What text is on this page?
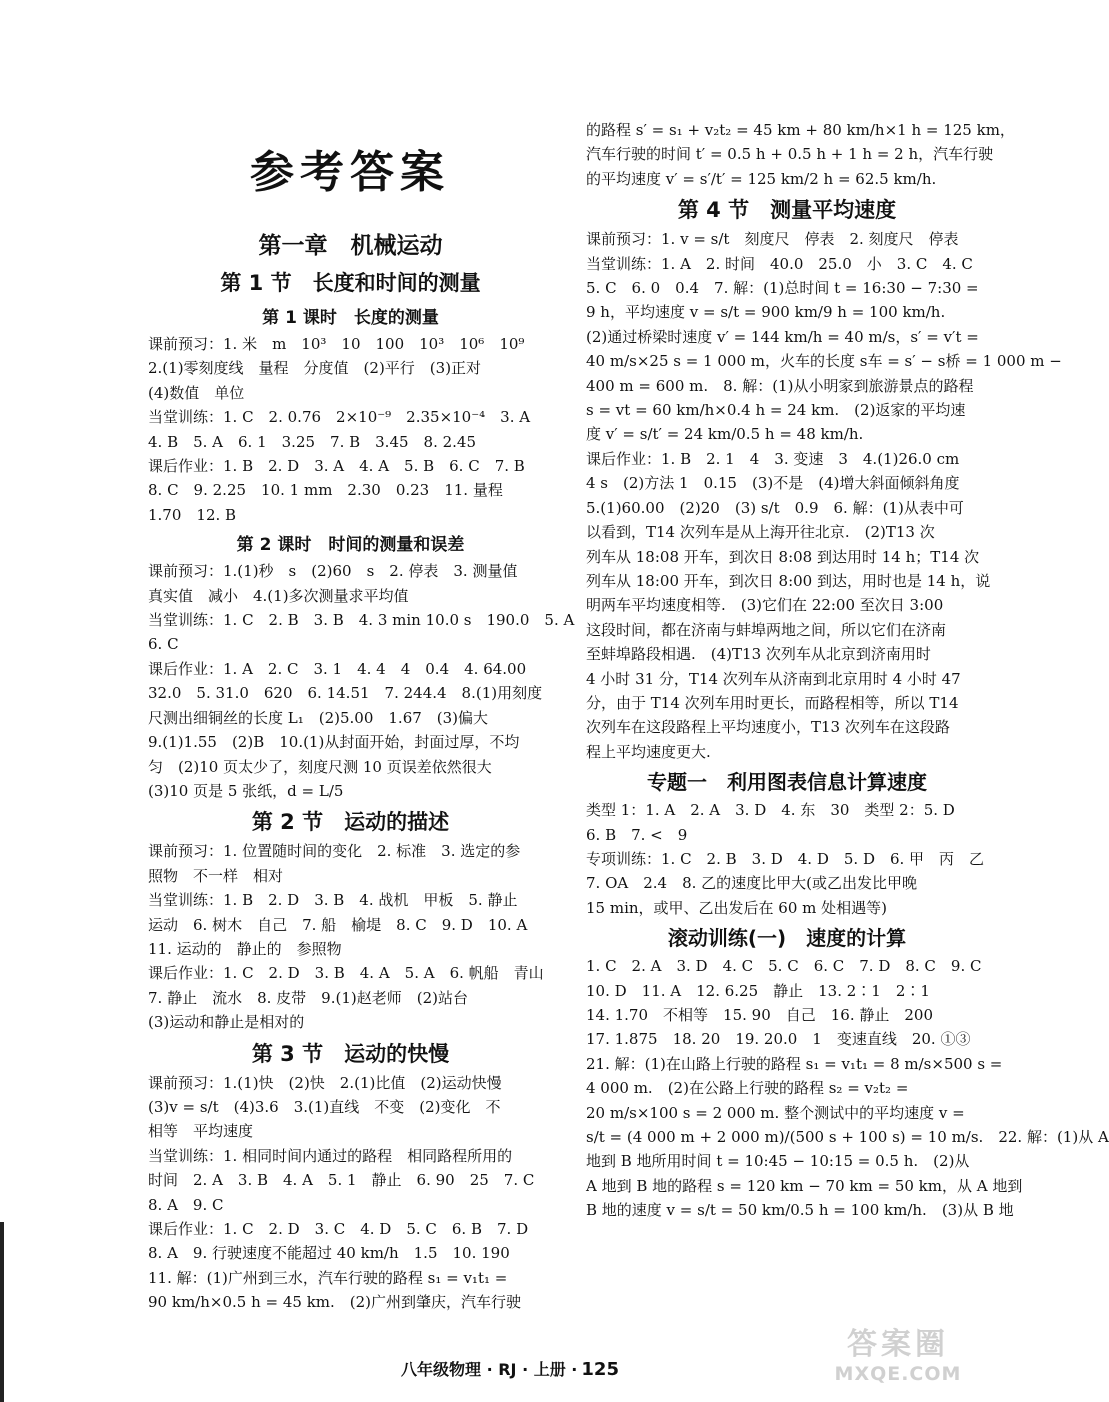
参考答案
第一章　机械运动
第 1 节　长度和时间的测量
第 1 课时　长度的测量
课前预习：1. 米　m　10³　10　100　10³　10⁶　10⁹
2.(1)零刻度线　量程　分度值　(2)平行　(3)正对
(4)数值　单位
当堂训练：1. C　2. 0.76　2×10⁻⁹　2.35×10⁻⁴　3. A
4. B　5. A　6. 1　3.25　7. B　3.45　8. 2.45
课后作业：1. B　2. D　3. A　4. A　5. B　6. C　7. B
8. C　9. 2.25　10. 1 mm　2.30　0.23　11. 量程
1.70　12. B
第 2 课时　时间的测量和误差
课前预习：1.(1)秒　s　(2)60　s　2. 停表　3. 测量值
真实值　减小　4.(1)多次测量求平均值
当堂训练：1. C　2. B　3. B　4. 3 min 10.0 s　190.0　5. A
6. C
课后作业：1. A　2. C　3. 1　4. 4　4　0.4　4. 64.00
32.0　5. 31.0　620　6. 14.51　7. 244.4　8.(1)用刻度
尺测出细铜丝的长度 L₁　(2)5.00　1.67　(3)偏大
9.(1)1.55　(2)B　10.(1)从封面开始，封面过厚，不均
匀　(2)10 页太少了，刻度尺测 10 页误差依然很大
(3)10 页是 5 张纸，d = L/5
第 2 节　运动的描述
课前预习：1. 位置随时间的变化　2. 标准　3. 选定的参
照物　不一样　相对
当堂训练：1. B　2. D　3. B　4. 战机　甲板　5. 静止
运动　6. 树木　自己　7. 船　榆堤　8. C　9. D　10. A
11. 运动的　静止的　参照物
课后作业：1. C　2. D　3. B　4. A　5. A　6. 帆船　青山
7. 静止　流水　8. 皮带　9.(1)赵老师　(2)站台
(3)运动和静止是相对的
第 3 节　运动的快慢
课前预习：1.(1)快　(2)快　2.(1)比值　(2)运动快慢
(3)v = s/t　(4)3.6　3.(1)直线　不变　(2)变化　不
相等　平均速度
当堂训练：1. 相同时间内通过的路程　相同路程所用的
时间　2. A　3. B　4. A　5. 1　静止　6. 90　25　7. C
8. A　9. C
课后作业：1. C　2. D　3. C　4. D　5. C　6. B　7. D
8. A　9. 行驶速度不能超过 40 km/h　1.5　10. 190
11. 解：(1)广州到三水，汽车行驶的路程 s₁ = v₁t₁ =
90 km/h×0.5 h = 45 km.　(2)广州到肇庆，汽车行驶
的路程 s′ = s₁ + v₂t₂ = 45 km + 80 km/h×1 h = 125 km，
汽车行驶的时间 t′ = 0.5 h + 0.5 h + 1 h = 2 h，汽车行驶
的平均速度 v′ = s′/t′ = 125 km/2 h = 62.5 km/h.
第 4 节　测量平均速度
课前预习：1. v = s/t　刻度尺　停表　2. 刻度尺　停表
当堂训练：1. A　2. 时间　40.0　25.0　小　3. C　4. C
5. C　6. 0　0.4　7. 解：(1)总时间 t = 16:30 − 7:30 =
9 h，平均速度 v = s/t = 900 km/9 h = 100 km/h.
(2)通过桥梁时速度 v′ = 144 km/h = 40 m/s，s′ = v′t =
40 m/s×25 s = 1 000 m，火车的长度 s车 = s′ − s桥 = 1 000 m −
400 m = 600 m.　8. 解：(1)从小明家到旅游景点的路程
s = vt = 60 km/h×0.4 h = 24 km.　(2)返家的平均速
度 v′ = s/t′ = 24 km/0.5 h = 48 km/h.
课后作业：1. B　2. 1　4　3. 变速　3　4.(1)26.0 cm
4 s　(2)方法 1　0.15　(3)不是　(4)增大斜面倾斜角度
5.(1)60.00　(2)20　(3) s/t　0.9　6. 解：(1)从表中可
以看到，T14 次列车是从上海开往北京.　(2)T13 次
列车从 18:08 开车，到次日 8:08 到达用时 14 h；T14 次
列车从 18:00 开车，到次日 8:00 到达，用时也是 14 h，说
明两车平均速度相等.　(3)它们在 22:00 至次日 3:00
这段时间，都在济南与蚌埠两地之间，所以它们在济南
至蚌埠路段相遇.　(4)T13 次列车从北京到济南用时
4 小时 31 分，T14 次列车从济南到北京用时 4 小时 47
分，由于 T14 次列车用时更长，而路程相等，所以 T14
次列车在这段路程上平均速度小，T13 次列车在这段路
程上平均速度更大.
专题一　利用图表信息计算速度
类型 1：1. A　2. A　3. D　4. 东　30　类型 2：5. D
6. B　7. <　9
专项训练：1. C　2. B　3. D　4. D　5. D　6. 甲　丙　乙
7. OA　2.4　8. 乙的速度比甲大(或乙出发比甲晚
15 min，或甲、乙出发后在 60 m 处相遇等)
滚动训练(一)　速度的计算
1. C　2. A　3. D　4. C　5. C　6. C　7. D　8. C　9. C
10. D　11. A　12. 6.25　静止　13. 2∶1　2∶1
14. 1.70　不相等　15. 90　自己　16. 静止　200
17. 1.875　18. 20　19. 20.0　1　变速直线　20. ①③
21. 解：(1)在山路上行驶的路程 s₁ = v₁t₁ = 8 m/s×500 s =
4 000 m.　(2)在公路上行驶的路程 s₂ = v₂t₂ =
20 m/s×100 s = 2 000 m. 整个测试中的平均速度 v =
s/t = (4 000 m + 2 000 m)/(500 s + 100 s) = 10 m/s.　22. 解：(1)从 A
地到 B 地所用时间 t = 10:45 − 10:15 = 0.5 h.　(2)从
A 地到 B 地的路程 s = 120 km − 70 km = 50 km，从 A 地到
B 地的速度 v = s/t = 50 km/0.5 h = 100 km/h.　(3)从 B 地
八年级物理 · RJ · 上册 · 125
答案圈
MXQE.COM
